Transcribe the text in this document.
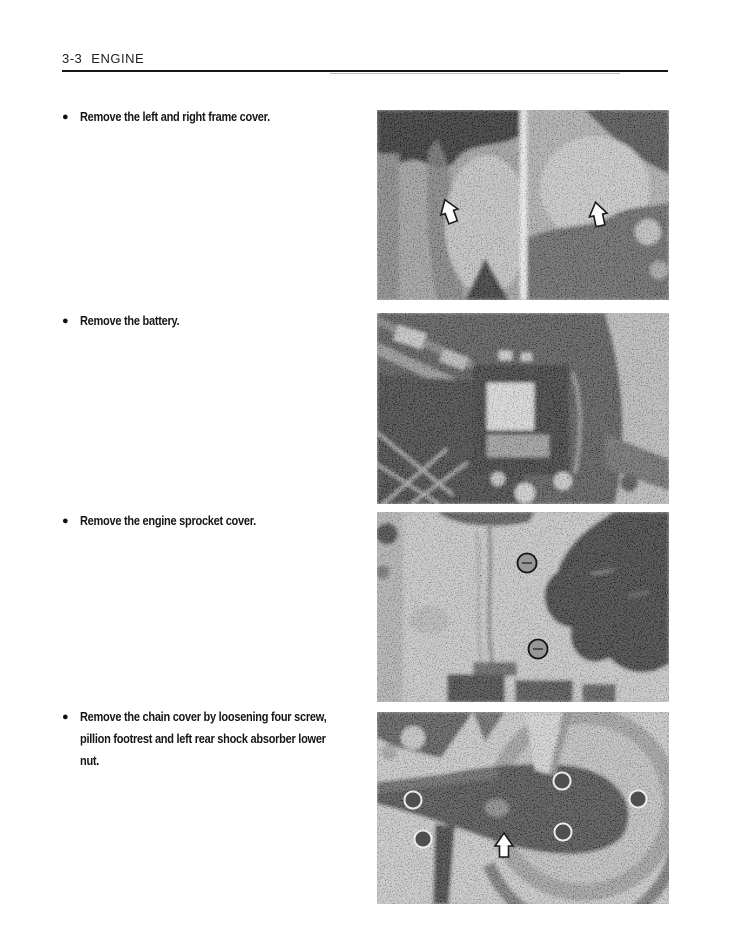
3-3 ENGINE
● Remove the left and right frame cover.
● Remove the battery.
● Remove the engine sprocket cover.
● Remove the chain cover by loosening four screw,
pillion footrest and left rear shock absorber lower
nut.
